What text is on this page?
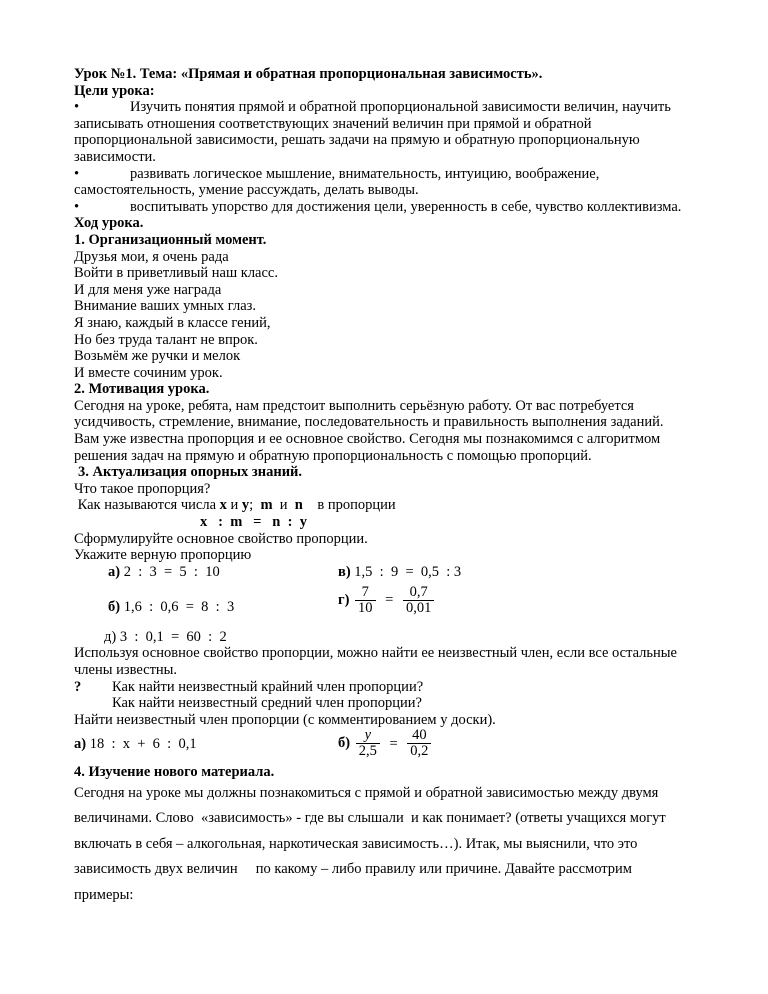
Урок №1. Тема: «Прямая и обратная пропорциональная зависимость».
Цели урока:
•	Изучить понятия прямой и обратной пропорциональной зависимости величин, научить
записывать отношения соответствующих значений величин при прямой и обратной
пропорциональной зависимости, решать задачи на прямую и обратную пропорциональную
зависимости.
•	развивать логическое мышление, внимательность, интуицию, воображение,
самостоятельность, умение рассуждать, делать выводы.
•	воспитывать упорство для достижения цели, уверенность в себе, чувство коллективизма.
Ход урока.
1. Организационный момент.
Друзья мои, я очень рада
Войти в приветливый наш класс.
И для меня уже награда
Внимание ваших умных глаз.
Я знаю, каждый в классе гений,
Но без труда талант не впрок.
Возьмём же ручки и мелок
И вместе сочиним урок.
2. Мотивация урока.
Сегодня на уроке, ребята, нам предстоит выполнить серьёзную работу. От вас потребуется
усидчивость, стремление, внимание, последовательность и правильность выполнения заданий.
Вам уже известна пропорция и ее основное свойство. Сегодня мы познакомимся с алгоритмом
решения задач на прямую и обратную пропорциональность с помощью пропорций.
3. Актуализация опорных знаний.
Что такое пропорция?
Как называются числа x и y;  m  и  n    в пропорции
x   :  m   =   n  :  y
Сформулируйте основное свойство пропорции.
Укажите верную пропорцию
а) 2  :  3  =  5  :  10	в) 1,5  :  9  =  0,5  : 3
б) 1,6  :  0,6  =  8  :  3	$г) \frac{7}{10} = \frac{0,7}{0,01}$
д) 3  :  0,1  =  60  :  2
Используя основное свойство пропорции, можно найти ее неизвестный член, если все остальные
члены известны.
? Как найти неизвестный крайний член пропорции?
Как найти неизвестный средний член пропорции?
Найти неизвестный член пропорции (с комментированием у доски).
а) 18  :  x  +  6  :  0,1	$б) \frac{y}{2,5} = \frac{40}{0,2}$
4. Изучение нового материала.
Сегодня на уроке мы должны познакомиться с прямой и обратной зависимостью между двумя
величинами. Слово  «зависимость» - где вы слышали  и как понимает? (ответы учащихся могут
включать в себя – алкогольная, наркотическая зависимость…). Итак, мы выяснили, что это
зависимость двух величин     по какому – либо правилу или причине. Давайте рассмотрим
примеры:
